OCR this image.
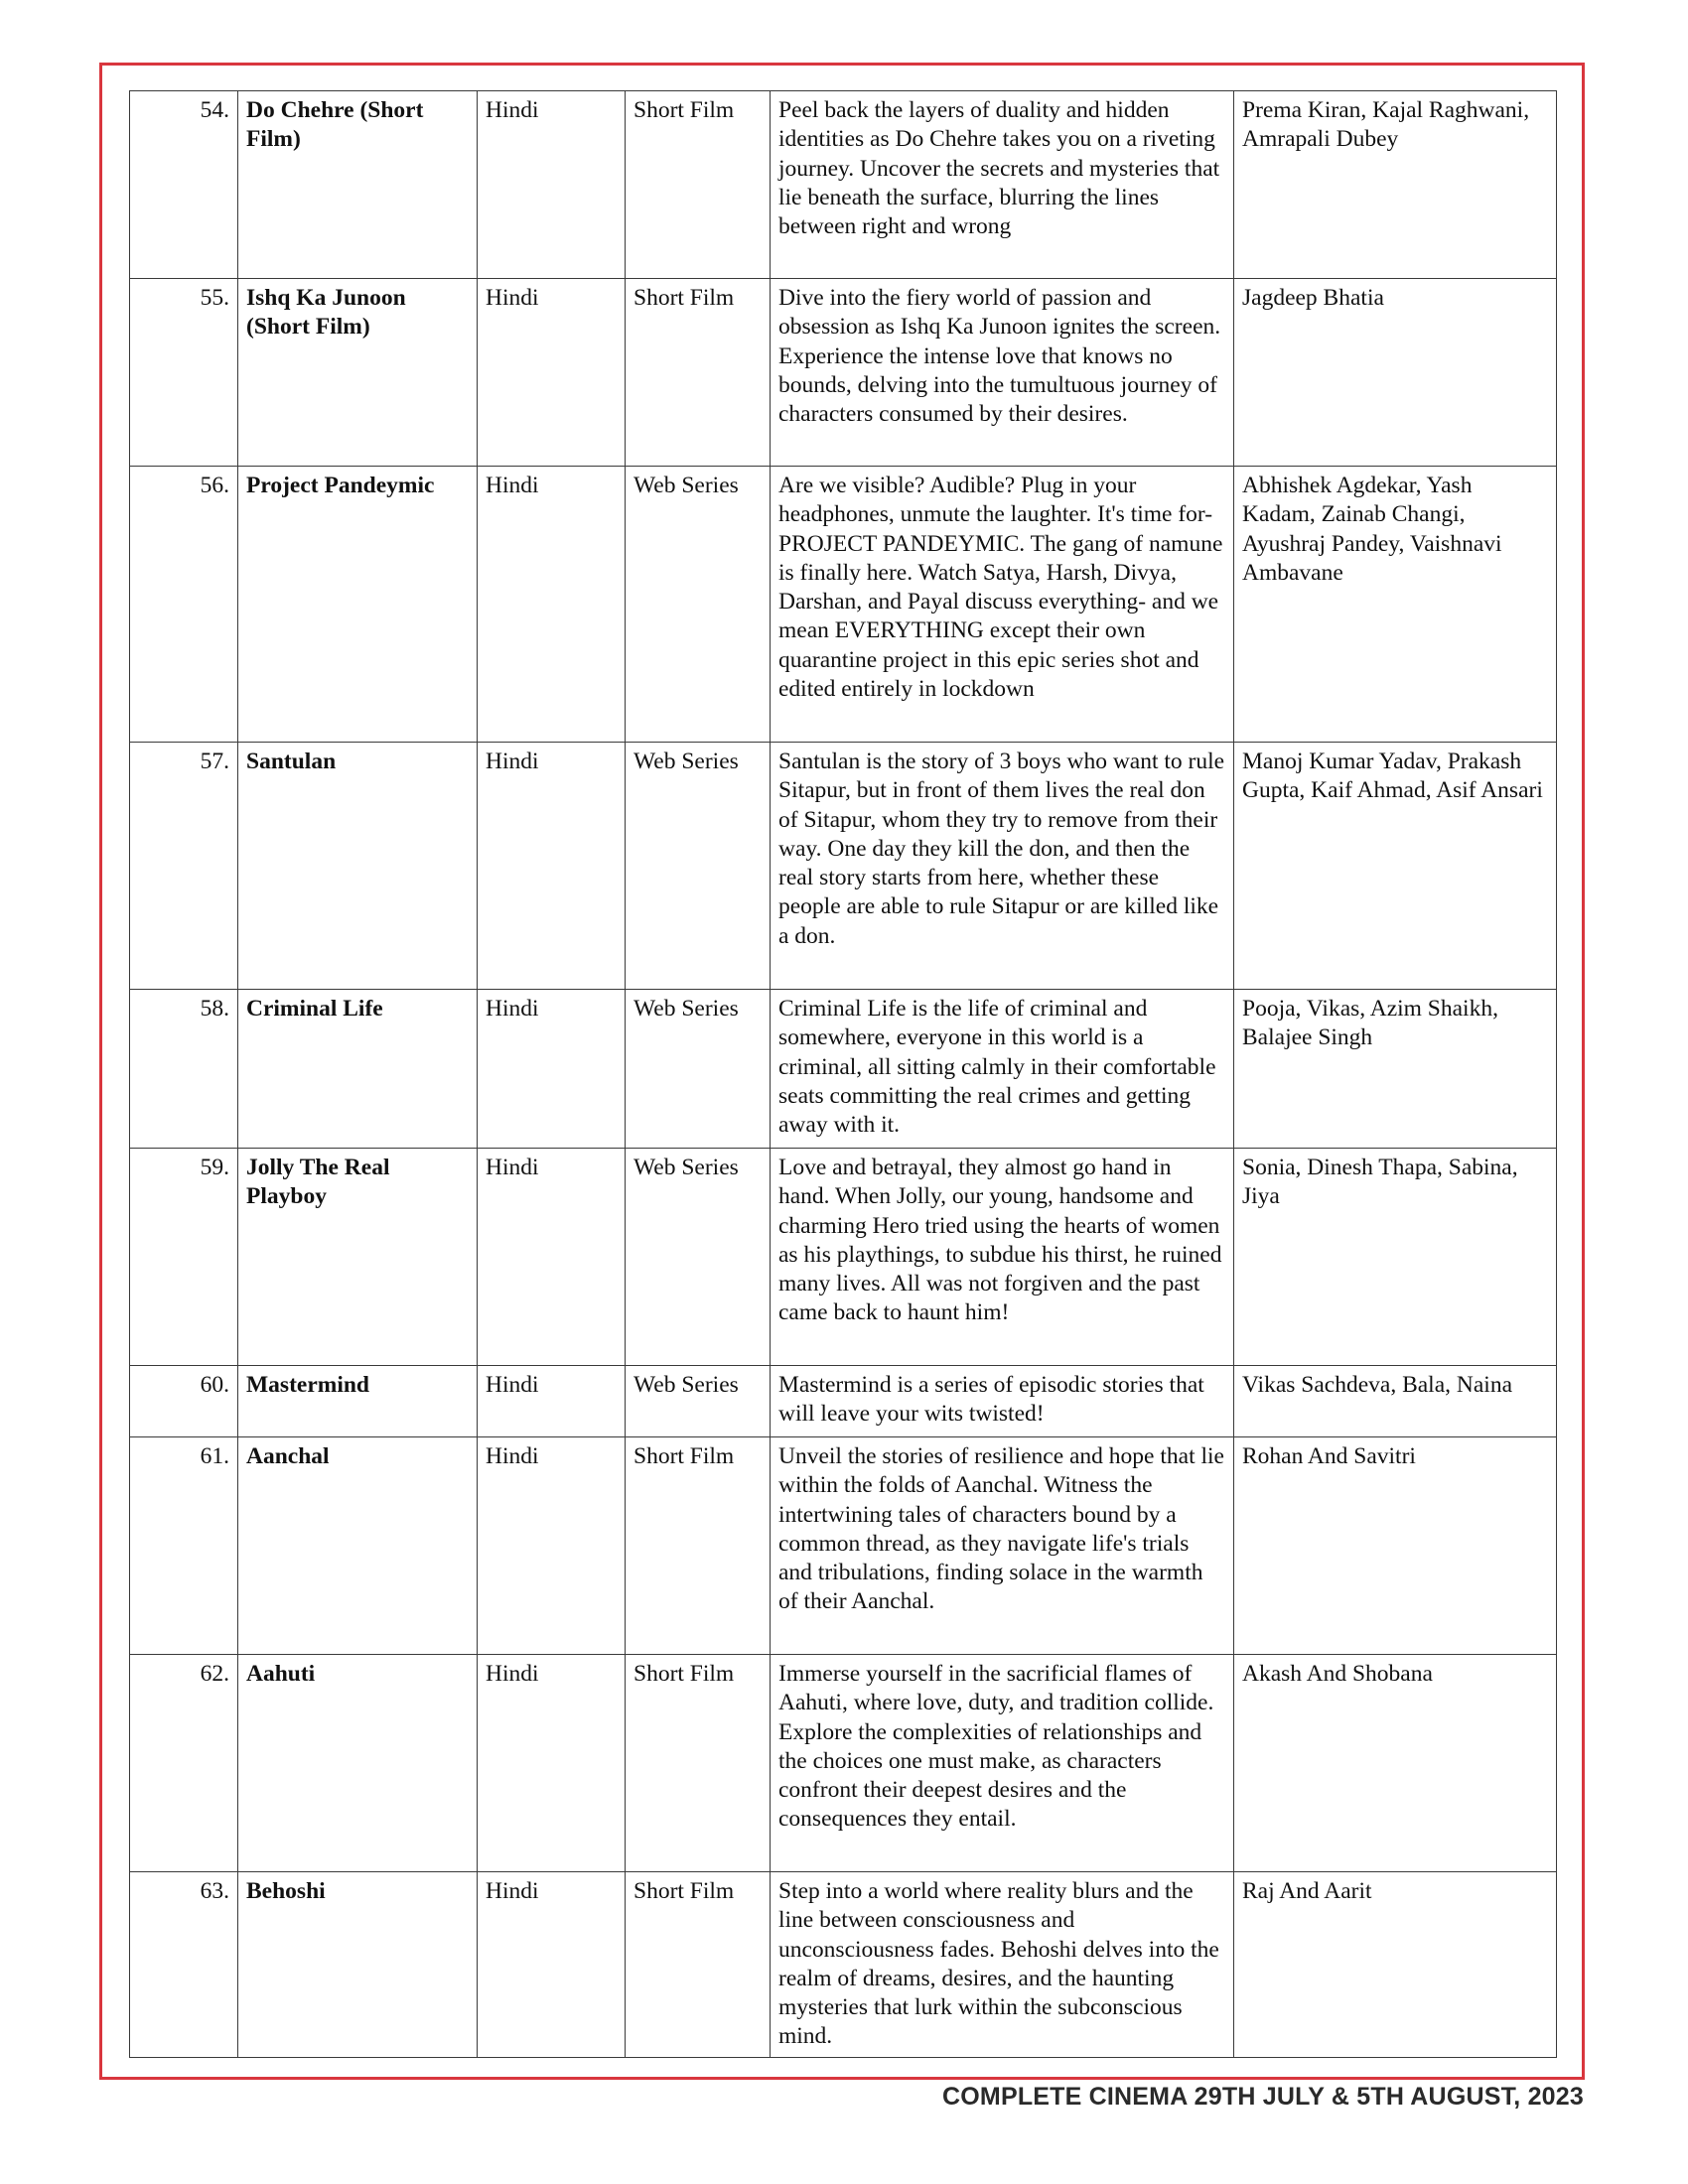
54.	Do Chehre (Short Film)	Hindi	Short Film	Peel back the layers of duality and hidden identities as Do Chehre takes you on a riveting journey. Uncover the secrets and mysteries that lie beneath the surface, blurring the lines between right and wrong	Prema Kiran, Kajal Raghwani, Amrapali Dubey
55.	Ishq Ka Junoon (Short Film)	Hindi	Short Film	Dive into the fiery world of passion and obsession as Ishq Ka Junoon ignites the screen. Experience the intense love that knows no bounds, delving into the tumultuous journey of characters consumed by their desires.	Jagdeep Bhatia
56.	Project Pandeymic	Hindi	Web Series	Are we visible? Audible? Plug in your headphones, unmute the laughter. It's time for- PROJECT PANDEYMIC. The gang of namune is finally here. Watch Satya, Harsh, Divya, Darshan, and Payal discuss everything- and we mean EVERYTHING except their own quarantine project in this epic series shot and edited entirely in lockdown	Abhishek Agdekar, Yash Kadam, Zainab Changi, Ayushraj Pandey, Vaishnavi Ambavane
57.	Santulan	Hindi	Web Series	Santulan is the story of 3 boys who want to rule Sitapur, but in front of them lives the real don of Sitapur, whom they try to remove from their way. One day they kill the don, and then the real story starts from here, whether these people are able to rule Sitapur or are killed like a don.	Manoj Kumar Yadav, Prakash Gupta, Kaif Ahmad, Asif Ansari
58.	Criminal Life	Hindi	Web Series	Criminal Life is the life of criminal and somewhere, everyone in this world is a criminal, all sitting calmly in their comfortable seats committing the real crimes and getting away with it.	Pooja, Vikas, Azim Shaikh, Balajee Singh
59.	Jolly The Real Playboy	Hindi	Web Series	Love and betrayal, they almost go hand in hand. When Jolly, our young, handsome and charming Hero tried using the hearts of women as his playthings, to subdue his thirst, he ruined many lives. All was not forgiven and the past came back to haunt him!	Sonia, Dinesh Thapa, Sabina, Jiya
60.	Mastermind	Hindi	Web Series	Mastermind is a series of episodic stories that will leave your wits twisted!	Vikas Sachdeva, Bala, Naina
61.	Aanchal	Hindi	Short Film	Unveil the stories of resilience and hope that lie within the folds of Aanchal. Witness the intertwining tales of characters bound by a common thread, as they navigate life's trials and tribulations, finding solace in the warmth of their Aanchal.	Rohan And Savitri
62.	Aahuti	Hindi	Short Film	Immerse yourself in the sacrificial flames of Aahuti, where love, duty, and tradition collide. Explore the complexities of relationships and the choices one must make, as characters confront their deepest desires and the consequences they entail.	Akash And Shobana
63.	Behoshi	Hindi	Short Film	Step into a world where reality blurs and the line between consciousness and unconsciousness fades. Behoshi delves into the realm of dreams, desires, and the haunting mysteries that lurk within the subconscious mind.	Raj And Aarit
COMPLETE CINEMA 29TH JULY & 5TH AUGUST, 2023
